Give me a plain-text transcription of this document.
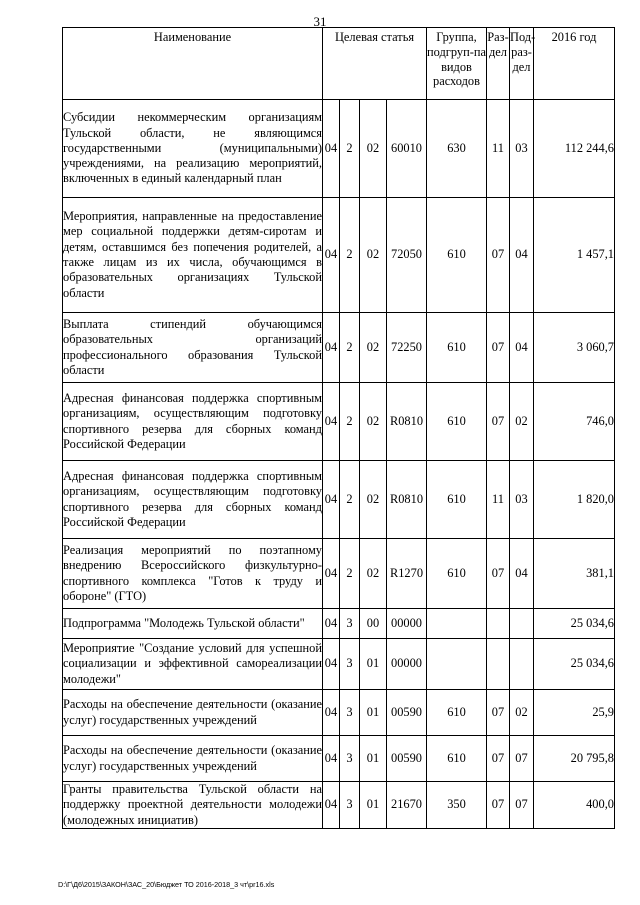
31
Наименование	Целевая статья				Группа, подгруп-па видов расходов	Раз-дел	Под-раз-дел	2016 год
Субсидии некоммерческим организациям Тульской области, не являющимся государственными (муниципальными) учреждениями, на реализацию мероприятий, включенных в единый календарный план	04	2	02	60010	630	11	03	112 244,6
Мероприятия, направленные на предоставление мер социальной поддержки детям-сиротам и детям, оставшимся без попечения родителей, а также лицам из их числа, обучающимся в образовательных организациях Тульской области	04	2	02	72050	610	07	04	1 457,1
Выплата стипендий обучающимся образовательных организаций профессионального образования Тульской области	04	2	02	72250	610	07	04	3 060,7
Адресная финансовая поддержка спортивным организациям, осуществляющим подготовку спортивного резерва для сборных команд Российской Федерации	04	2	02	R0810	610	07	02	746,0
Адресная финансовая поддержка спортивным организациям, осуществляющим подготовку спортивного резерва для сборных команд Российской Федерации	04	2	02	R0810	610	11	03	1 820,0
Реализация мероприятий по поэтапному внедрению Всероссийского физкультурно-спортивного комплекса "Готов к труду и обороне" (ГТО)	04	2	02	R1270	610	07	04	381,1
Подпрограмма "Молодежь Тульской области"	04	3	00	00000				25 034,6
Мероприятие "Создание условий для успешной социализации и эффективной самореализации молодежи"	04	3	01	00000				25 034,6
Расходы на обеспечение деятельности (оказание услуг) государственных учреждений	04	3	01	00590	610	07	02	25,9
Расходы на обеспечение деятельности (оказание услуг) государственных учреждений	04	3	01	00590	610	07	07	20 795,8
Гранты правительства Тульской области на поддержку проектной деятельности молодежи (молодежных инициатив)	04	3	01	21670	350	07	07	400,0
D:\Г\Д6\2015\ЗАКОН\ЗАС_20\Бюджет ТО 2016-2018_3 чт\pr16.xls
